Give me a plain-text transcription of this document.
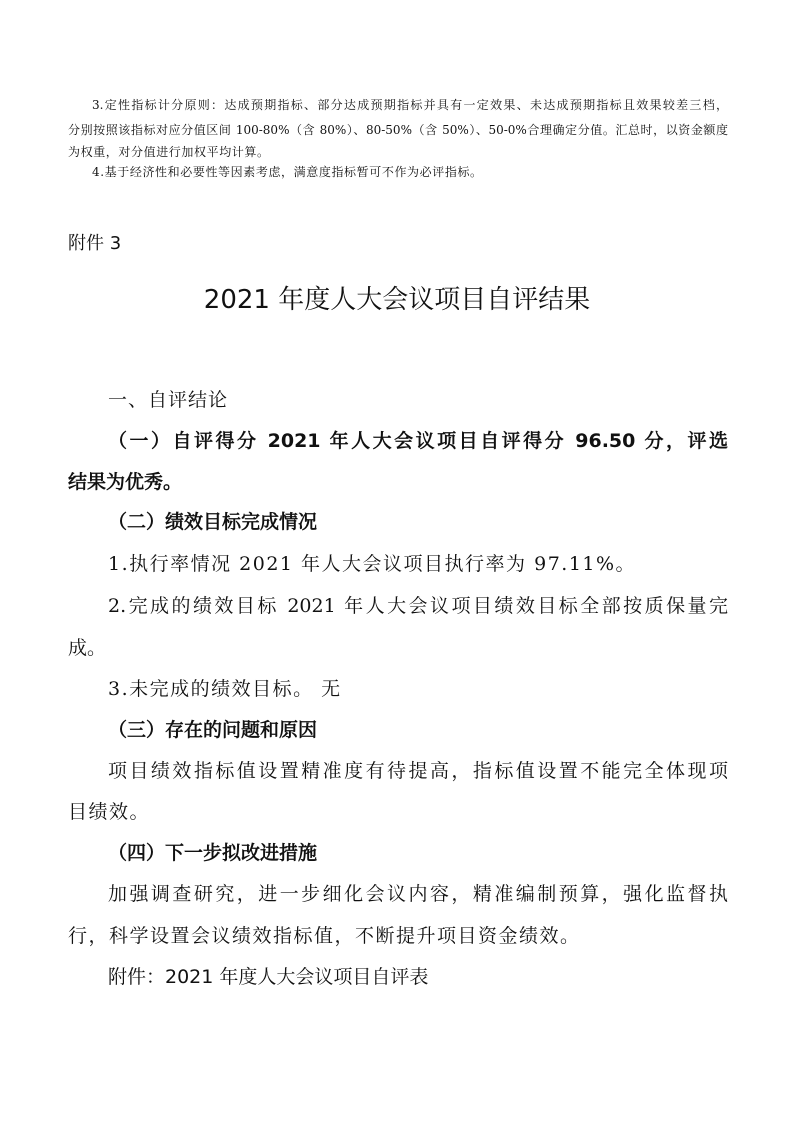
3.定性指标计分原则：达成预期指标、部分达成预期指标并具有一定效果、未达成预期指标且效果较差三档，
分别按照该指标对应分值区间 100-80%（含 80%）、80-50%（含 50%）、50-0%合理确定分值。汇总时，以资金额度
为权重，对分值进行加权平均计算。
4.基于经济性和必要性等因素考虑，满意度指标暂可不作为必评指标。
附件 3
2021 年度人大会议项目自评结果
一、自评结论
（一）自评得分 2021 年人大会议项目自评得分 96.50 分，评选
结果为优秀。
（二）绩效目标完成情况
1.执行率情况 2021 年人大会议项目执行率为 97.11%。
2.完成的绩效目标 2021 年人大会议项目绩效目标全部按质保量完
成。
3.未完成的绩效目标。 无
（三）存在的问题和原因
项目绩效指标值设置精准度有待提高，指标值设置不能完全体现项
目绩效。
（四）下一步拟改进措施
加强调查研究，进一步细化会议内容，精准编制预算，强化监督执
行，科学设置会议绩效指标值，不断提升项目资金绩效。
附件：2021 年度人大会议项目自评表
